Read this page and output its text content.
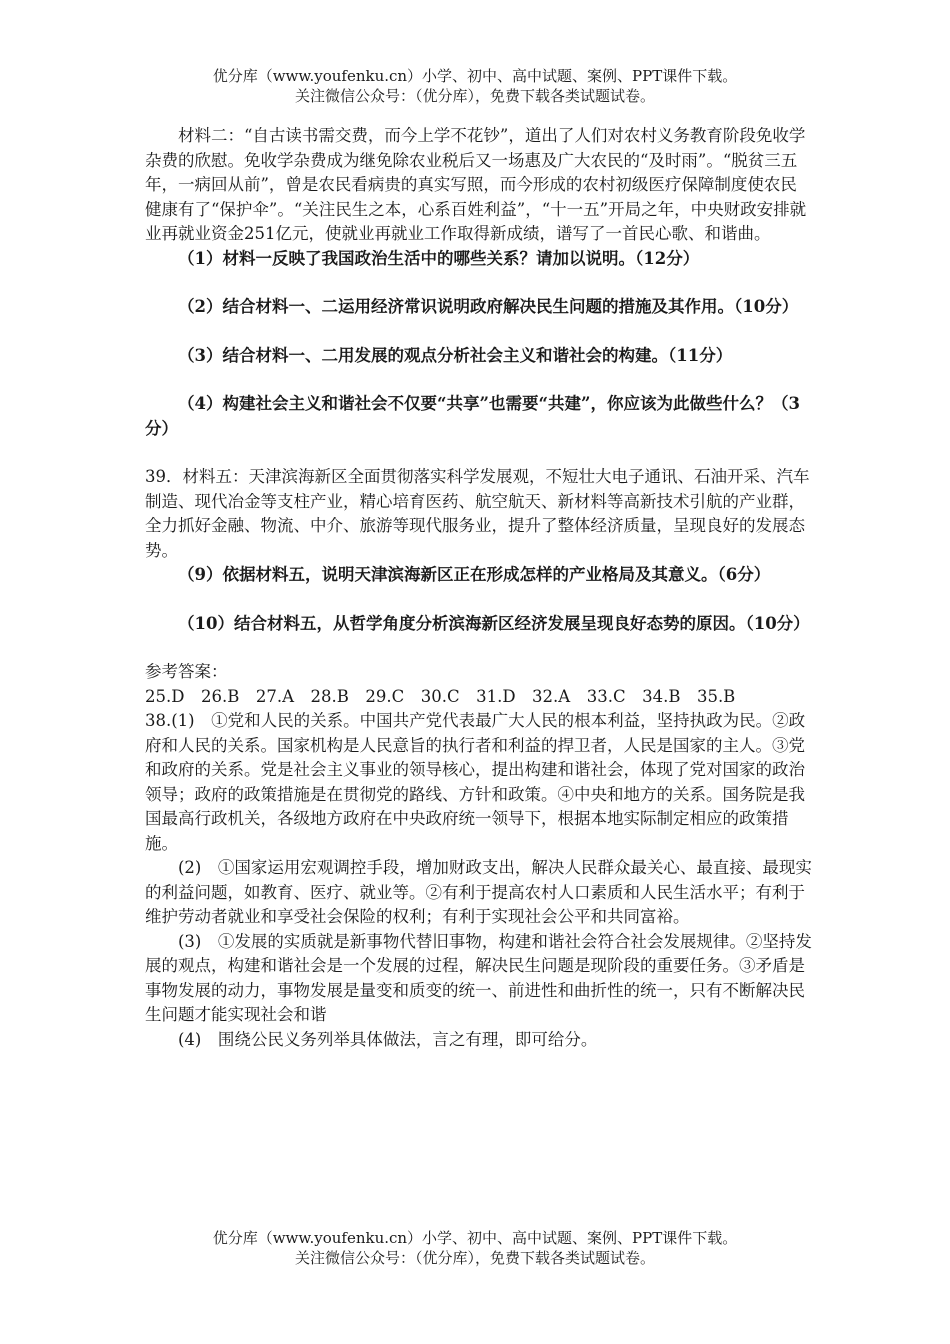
优分库（www.youfenku.cn）小学、初中、高中试题、案例、PPT课件下载。
关注微信公众号：（优分库），免费下载各类试题试卷。

材料二：“自古读书需交费，而今上学不花钞”，道出了人们对农村义务教育阶段免收学杂费的欣慰。免收学杂费成为继免除农业税后又一场惠及广大农民的“及时雨”。“脱贫三五年，一病回从前”，曾是农民看病贵的真实写照，而今形成的农村初级医疗保障制度使农民健康有了“保护伞”。“关注民生之本，心系百姓利益”，“十一五”开局之年，中央财政安排就业再就业资金251亿元，使就业再就业工作取得新成绩，谱写了一首民心歌、和谐曲。

（1）材料一反映了我国政治生活中的哪些关系？请加以说明。（12分）

（2）结合材料一、二运用经济常识说明政府解决民生问题的措施及其作用。（10分）

（3）结合材料一、二用发展的观点分析社会主义和谐社会的构建。（11分）

（4）构建社会主义和谐社会不仅要“共享”也需要“共建”，你应该为此做些什么？（3分）

39．材料五：天津滨海新区全面贯彻落实科学发展观，不短壮大电子通讯、石油开采、汽车制造、现代冶金等支柱产业，精心培育医药、航空航天、新材料等高新技术引航的产业群，全力抓好金融、物流、中介、旅游等现代服务业，提升了整体经济质量，呈现良好的发展态势。

（9）依据材料五，说明天津滨海新区正在形成怎样的产业格局及其意义。（6分）

（10）结合材料五，从哲学角度分析滨海新区经济发展呈现良好态势的原因。（10分）

参考答案：

25.D　26.B　27.A　28.B　29.C　30.C　31.D　32.A　33.C　34.B　35.B

38.(1)　①党和人民的关系。中国共产党代表最广大人民的根本利益，坚持执政为民。②政府和人民的关系。国家机构是人民意旨的执行者和利益的捍卫者，人民是国家的主人。③党和政府的关系。党是社会主义事业的领导核心，提出构建和谐社会，体现了党对国家的政治领导；政府的政策措施是在贯彻党的路线、方针和政策。④中央和地方的关系。国务院是我国最高行政机关，各级地方政府在中央政府统一领导下，根据本地实际制定相应的政策措施。

(2)　①国家运用宏观调控手段，增加财政支出，解决人民群众最关心、最直接、最现实的利益问题，如教育、医疗、就业等。②有利于提高农村人口素质和人民生活水平；有利于维护劳动者就业和享受社会保险的权利；有利于实现社会公平和共同富裕。

(3)　①发展的实质就是新事物代替旧事物，构建和谐社会符合社会发展规律。②坚持发展的观点，构建和谐社会是一个发展的过程，解决民生问题是现阶段的重要任务。③矛盾是事物发展的动力，事物发展是量变和质变的统一、前进性和曲折性的统一，只有不断解决民生问题才能实现社会和谐

(4)　围绕公民义务列举具体做法，言之有理，即可给分。

优分库（www.youfenku.cn）小学、初中、高中试题、案例、PPT课件下载。
关注微信公众号：（优分库），免费下载各类试题试卷。
